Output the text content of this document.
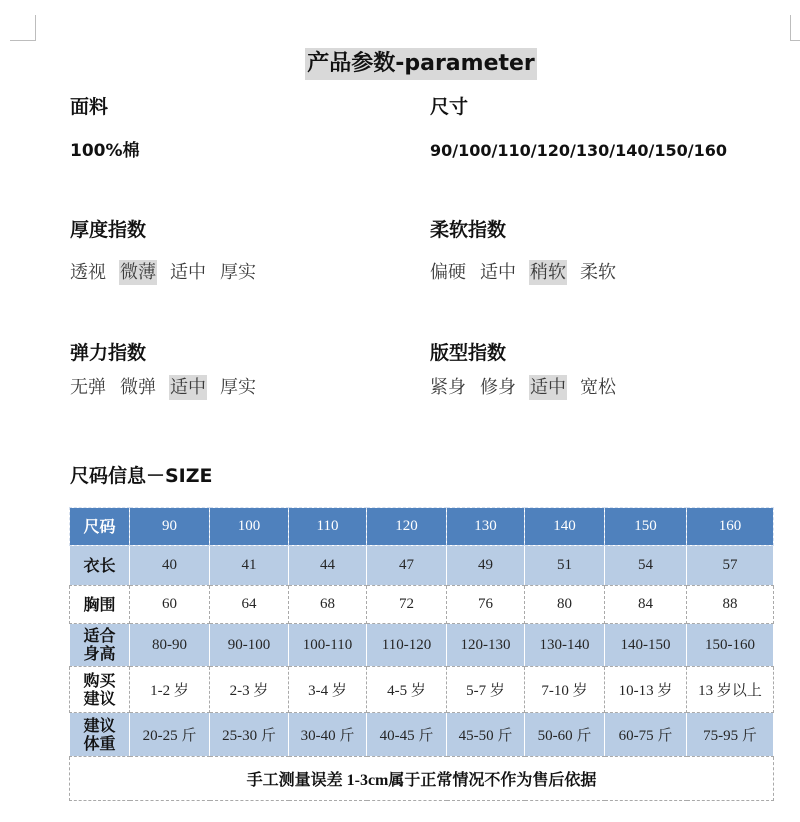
产品参数-parameter
面料
100%棉
尺寸
90/100/110/120/130/140/150/160
厚度指数
透视 微薄 适中 厚实
柔软指数
偏硬 适中 稍软 柔软
弹力指数
无弹 微弹 适中 厚实
版型指数
紧身 修身 适中 宽松
尺码信息－SIZE
尺码	90	100	110	120	130	140	150	160
衣长	40	41	44	47	49	51	54	57
胸围	60	64	68	72	76	80	84	88
适合身高	80-90	90-100	100-110	110-120	120-130	130-140	140-150	150-160
购买建议	1-2 岁	2-3 岁	3-4 岁	4-5 岁	5-7 岁	7-10 岁	10-13 岁	13 岁以上
建议体重	20-25 斤	25-30 斤	30-40 斤	40-45 斤	45-50 斤	50-60 斤	60-75 斤	75-95 斤
手工测量误差 1-3cm属于正常情况不作为售后依据								
